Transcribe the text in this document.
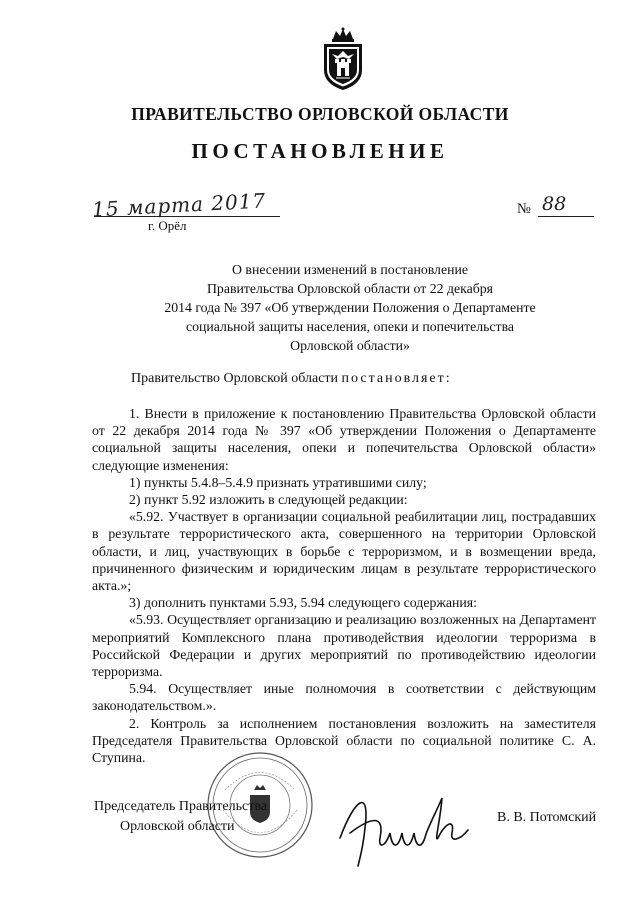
ПРАВИТЕЛЬСТВО ОРЛОВСКОЙ ОБЛАСТИ
ПОСТАНОВЛЕНИЕ
15 марта 2017
г. Орёл
№ 88
О внесении изменений в постановление
Правительства Орловской области от 22 декабря
2014 года № 397 «Об утверждении Положения о Департаменте
социальной защиты населения, опеки и попечительства
Орловской области»
Правительство Орловской области постановляет:

1. Внести в приложение к постановлению Правительства Орловской области от 22 декабря 2014 года № 397 «Об утверждении Положения о Департаменте социальной защиты населения, опеки и попечительства Орловской области» следующие изменения:

1) пункты 5.4.8–5.4.9 признать утратившими силу;

2) пункт 5.92 изложить в следующей редакции:

«5.92. Участвует в организации социальной реабилитации лиц, пострадавших в результате террористического акта, совершенного на территории Орловской области, и лиц, участвующих в борьбе с терроризмом, и в возмещении вреда, причиненного физическим и юридическим лицам в результате террористического акта.»;

3) дополнить пунктами 5.93, 5.94 следующего содержания:

«5.93. Осуществляет организацию и реализацию возложенных на Департамент мероприятий Комплексного плана противодействия идеологии терроризма в Российской Федерации и других мероприятий по противодействию идеологии терроризма.

5.94. Осуществляет иные полномочия в соответствии с действующим законодательством.».

2. Контроль за исполнением постановления возложить на заместителя Председателя Правительства Орловской области по социальной политике С. А. Ступина.

Председатель Правительства
Орловской области
В. В. Потомский
